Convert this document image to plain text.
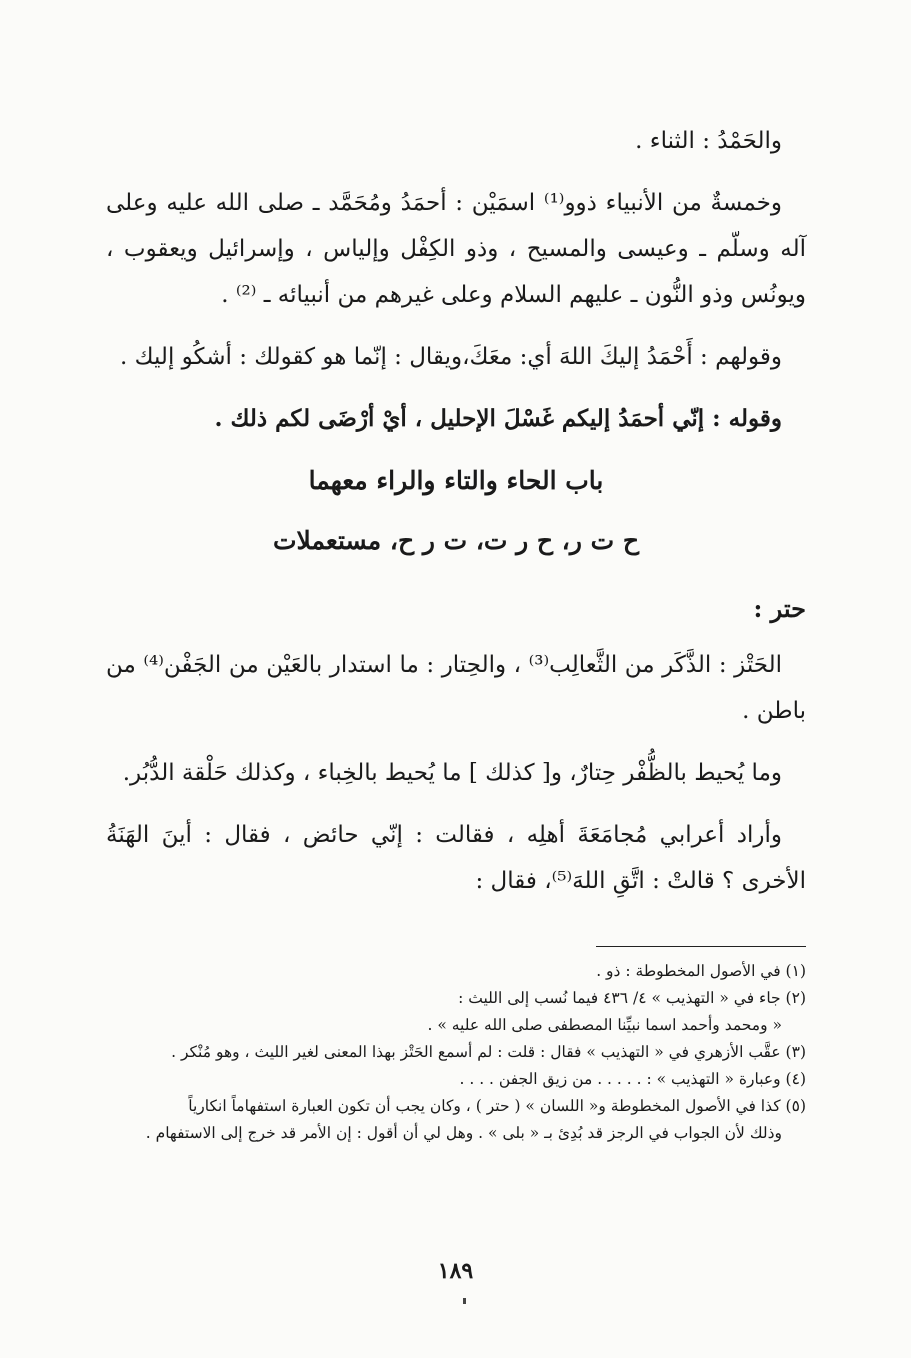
والحَمْدُ : الثناء .

وخمسةٌ من الأنبياء ذوو⁽¹⁾ اسمَيْن : أحمَدُ ومُحَمَّد ـ صلى الله عليه وعلى آله وسلّم ـ وعيسى والمسيح ، وذو الكِفْل وإلياس ، وإسرائيل ويعقوب ، ويونُس وذو النُّون ـ عليهم السلام وعلى غيرهم من أنبيائه ـ ⁽²⁾ .

وقولهم : أَحْمَدُ إليكَ اللهَ أي: معَكَ،ويقال : إنّما هو كقولك : أشكُو إليك .

وقوله : إنّي أحمَدُ إليكم غَسْلَ الإحليل ، أيْ أرْضَى لكم ذلك .

باب الحاء والتاء والراء معهما
ح ت ر، ح ر ت، ت ر ح، مستعملات
حتر :

الحَتْز : الذَّكَر من الثَّعالِب⁽³⁾ ، والحِتار : ما استدار بالعَيْن من الجَفْن⁽⁴⁾ من باطن .

وما يُحيط بالظُّفْر حِتارٌ، و[ كذلك ] ما يُحيط بالخِباء ، وكذلك حَلْقة الدُّبُر.

وأراد أعرابي مُجامَعَةَ أهلِه ، فقالت : إنّي حائض ، فقال : أينَ الهَنَةُ الأخرى ؟ قالتْ : اتَّقِ اللهَ⁽⁵⁾، فقال :

(١) في الأصول المخطوطة : ذو .

(٢) جاء في « التهذيب » ٤/ ٤٣٦ فيما نُسب إلى الليث :

« ومحمد وأحمد اسما نبيِّنا المصطفى صلى الله عليه » .

(٣) عقَّب الأزهري في « التهذيب » فقال : قلت : لم أسمع الحَتْز بهذا المعنى لغير الليث ، وهو مُنْكر .

(٤) وعبارة « التهذيب » : . . . . . من زيق الجفن . . . .

(٥) كذا في الأصول المخطوطة و« اللسان » ( حتر ) ، وكان يجب أن تكون العبارة استفهاماً انكارياً

وذلك لأن الجواب في الرجز قد بُدِئ بـ « بلى » . وهل لي أن أقول : إن الأمر قد خرج إلى الاستفهام .

١٨٩
